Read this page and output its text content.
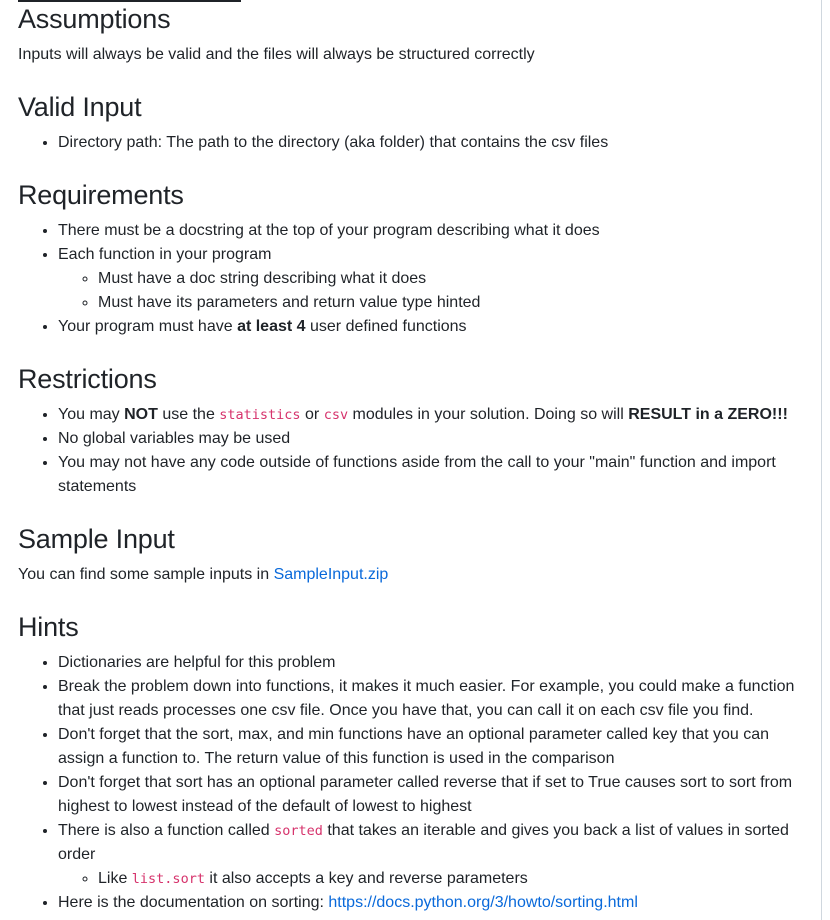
Assumptions

Inputs will always be valid and the files will always be structured correctly

Valid Input
• Directory path: The path to the directory (aka folder) that contains the csv files
Requirements
• There must be a docstring at the top of your program describing what it does
• Each function in your program
◦ Must have a doc string describing what it does
◦ Must have its parameters and return value type hinted
• Your program must have at least 4 user defined functions
Restrictions
• You may NOT use the statistics or csv modules in your solution. Doing so will RESULT in a ZERO!!!
• No global variables may be used
• You may not have any code outside of functions aside from the call to your "main" function and import statements
Sample Input

You can find some sample inputs in SampleInput.zip

Hints
• Dictionaries are helpful for this problem
• Break the problem down into functions, it makes it much easier. For example, you could make a function that just reads processes one csv file. Once you have that, you can call it on each csv file you find.
• Don't forget that the sort, max, and min functions have an optional parameter called key that you can assign a function to. The return value of this function is used in the comparison
• Don't forget that sort has an optional parameter called reverse that if set to True causes sort to sort from highest to lowest instead of the default of lowest to highest
• There is also a function called sorted that takes an iterable and gives you back a list of values in sorted order
◦ Like list.sort it also accepts a key and reverse parameters
• Here is the documentation on sorting: https://docs.python.org/3/howto/sorting.html
